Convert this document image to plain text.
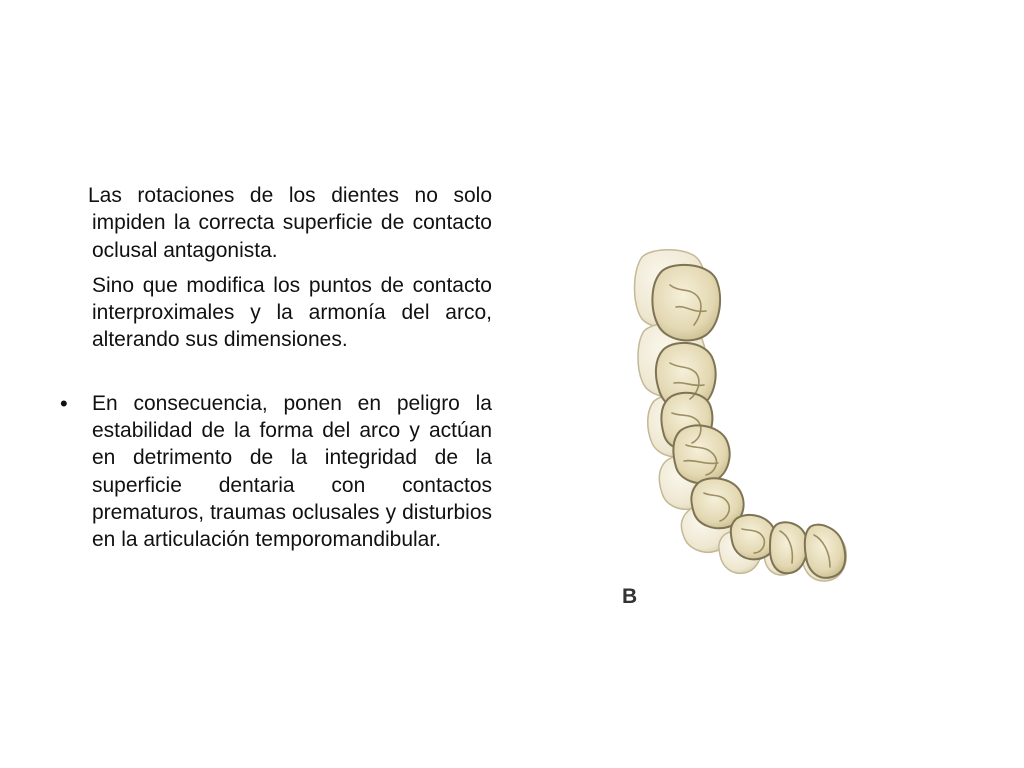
Las rotaciones de los dientes no solo impiden la correcta superficie de contacto oclusal antagonista.

Sino que modifica los puntos de contacto interproximales y la armonía del arco, alterando sus dimensiones.

•	En consecuencia, ponen en peligro la estabilidad de la forma del arco y actúan en detrimento de la integridad de la superficie dentaria con contactos prematuros, traumas oclusales y disturbios en la articulación temporomandibular.
B
